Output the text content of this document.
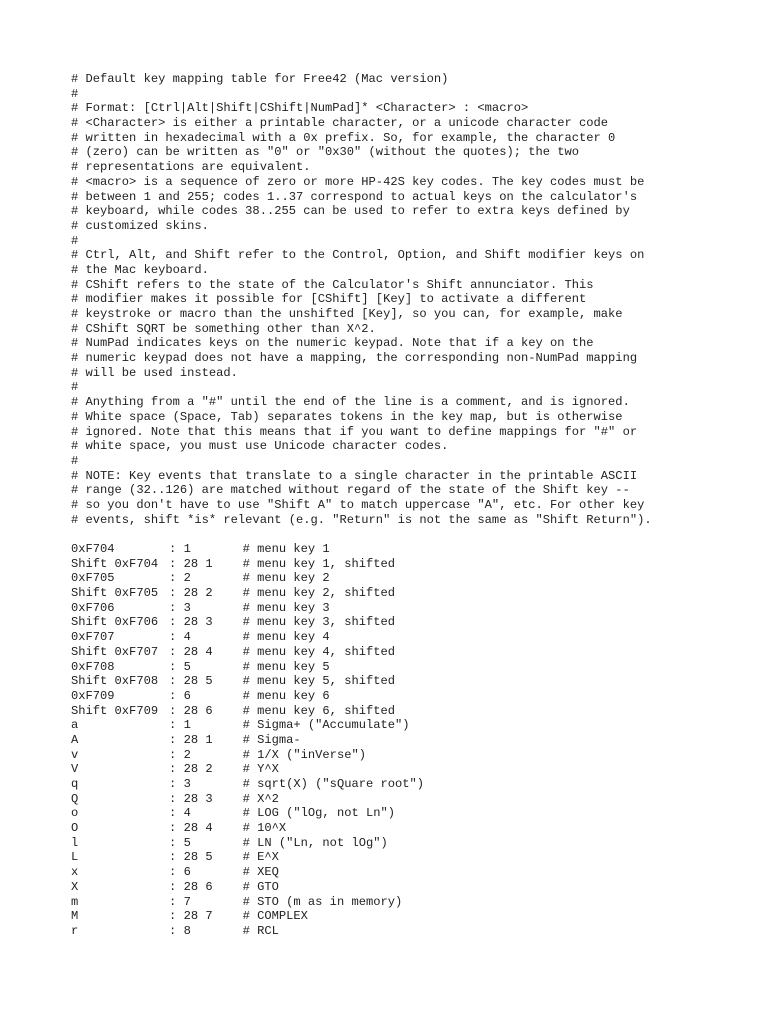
# Default key mapping table for Free42 (Mac version)
#
# Format: [Ctrl|Alt|Shift|CShift|NumPad]* <Character> : <macro>
# <Character> is either a printable character, or a unicode character code
# written in hexadecimal with a 0x prefix. So, for example, the character 0
# (zero) can be written as "0" or "0x30" (without the quotes); the two
# representations are equivalent.
# <macro> is a sequence of zero or more HP-42S key codes. The key codes must be
# between 1 and 255; codes 1..37 correspond to actual keys on the calculator's
# keyboard, while codes 38..255 can be used to refer to extra keys defined by
# customized skins.
#
# Ctrl, Alt, and Shift refer to the Control, Option, and Shift modifier keys on
# the Mac keyboard.
# CShift refers to the state of the Calculator's Shift annunciator. This
# modifier makes it possible for [CShift] [Key] to activate a different
# keystroke or macro than the unshifted [Key], so you can, for example, make
# CShift SQRT be something other than X^2.
# NumPad indicates keys on the numeric keypad. Note that if a key on the
# numeric keypad does not have a mapping, the corresponding non-NumPad mapping
# will be used instead.
#
# Anything from a "#" until the end of the line is a comment, and is ignored.
# White space (Space, Tab) separates tokens in the key map, but is otherwise
# ignored. Note that this means that if you want to define mappings for "#" or
# white space, you must use Unicode character codes.
#
# NOTE: Key events that translate to a single character in the printable ASCII
# range (32..126) are matched without regard of the state of the Shift key --
# so you don't have to use "Shift A" to match uppercase "A", etc. For other key
# events, shift *is* relevant (e.g. "Return" is not the same as "Shift Return").
0xF704	: 1	# menu key 1
Shift 0xF704 : 28 1 # menu key 1, shifted
0xF705	: 2	# menu key 2
Shift 0xF705 : 28 2 # menu key 2, shifted
0xF706	: 3	# menu key 3
Shift 0xF706 : 28 3 # menu key 3, shifted
0xF707	: 4	# menu key 4
Shift 0xF707 : 28 4 # menu key 4, shifted
0xF708	: 5	# menu key 5
Shift 0xF708 : 28 5 # menu key 5, shifted
0xF709	: 6	# menu key 6
Shift 0xF709 : 28 6 # menu key 6, shifted
a	: 1	# Sigma+ ("Accumulate")
A	: 28 1 # Sigma-
v	: 2	# 1/X ("inVerse")
V	: 28 2 # Y^X
q	: 3	# sqrt(X) ("sQuare root")
Q	: 28 3 # X^2
o	: 4	# LOG ("lOg, not Ln")
O	: 28 4 # 10^X
l	: 5	# LN ("Ln, not lOg")
L	: 28 5 # E^X
x	: 6	# XEQ
X	: 28 6 # GTO
m	: 7	# STO (m as in memory)
M	: 28 7 # COMPLEX
r	: 8	# RCL
